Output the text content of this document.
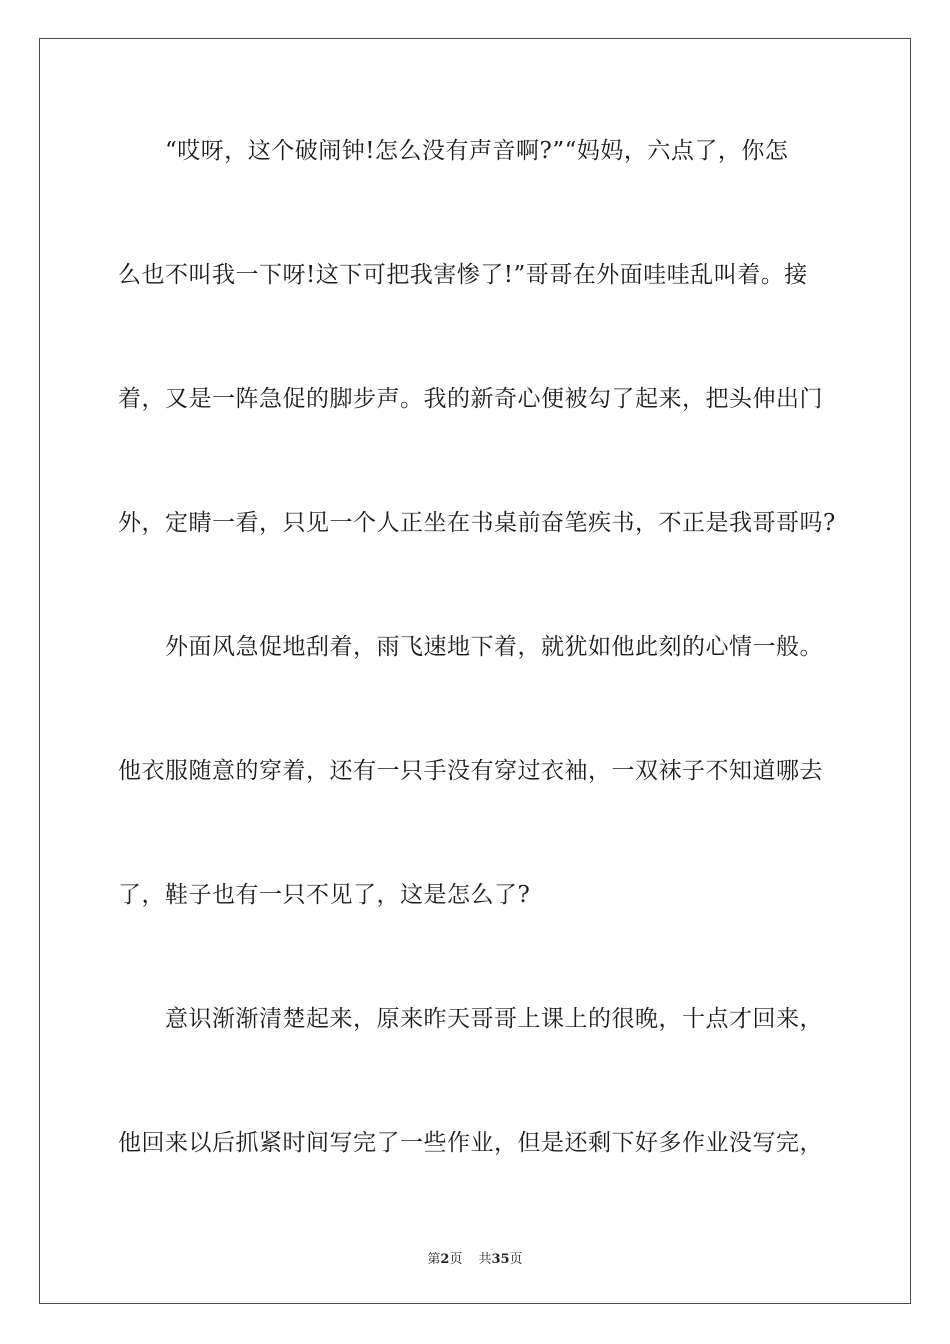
　　“哎呀，这个破闹钟!怎么没有声音啊?”“妈妈，六点了，你怎
么也不叫我一下呀!这下可把我害惨了!”哥哥在外面哇哇乱叫着。接
着，又是一阵急促的脚步声。我的新奇心便被勾了起来，把头伸出门
外，定睛一看，只见一个人正坐在书桌前奋笔疾书，不正是我哥哥吗?
　　外面风急促地刮着，雨飞速地下着，就犹如他此刻的心情一般。
他衣服随意的穿着，还有一只手没有穿过衣袖，一双袜子不知道哪去
了，鞋子也有一只不见了，这是怎么了?
　　意识渐渐清楚起来，原来昨天哥哥上课上的很晚，十点才回来，
他回来以后抓紧时间写完了一些作业，但是还剩下好多作业没写完，
第2页 共35页
